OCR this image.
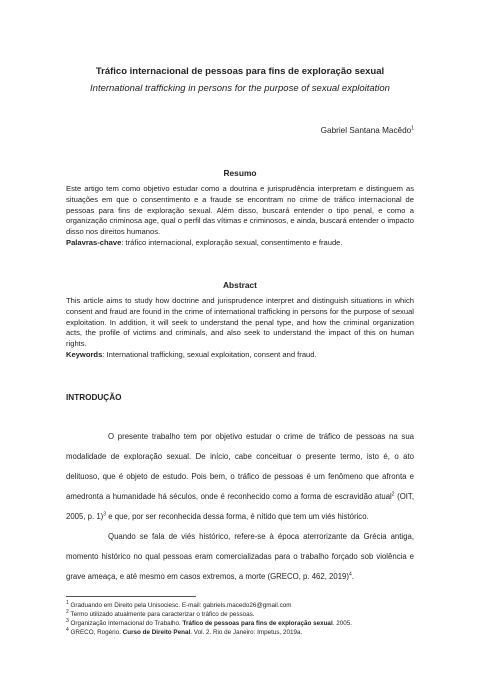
Tráfico internacional de pessoas para fins de exploração sexual
International trafficking in persons for the purpose of sexual exploitation
Gabriel Santana Macêdo$^1$
Resumo
Este artigo tem como objetivo estudar como a doutrina e jurisprudência interpretam e distinguem as situações em que o consentimento e a fraude se encontram no crime de tráfico internacional de pessoas para fins de exploração sexual. Além disso, buscará entender o tipo penal, e como a organização criminosa age, qual o perfil das vítimas e criminosos, e ainda, buscará entender o impacto disso nos direitos humanos.
Palavras-chave: tráfico internacional, exploração sexual, consentimento e fraude.
Abstract
This article aims to study how doctrine and jurisprudence interpret and distinguish situations in which consent and fraud are found in the crime of international trafficking in persons for the purpose of sexual exploitation. In addition, it will seek to understand the penal type, and how the criminal organization acts, the profile of victims and criminals, and also seek to understand the impact of this on human rights.
Keywords: International trafficking, sexual exploitation, consent and fraud.
INTRODUÇÃO

O presente trabalho tem por objetivo estudar o crime de tráfico de pessoas na sua modalidade de exploração sexual. De início, cabe conceituar o presente termo, isto é, o ato delituoso, que é objeto de estudo. Pois bem, o tráfico de pessoas é um fenômeno que afronta e amedronta a humanidade há séculos, onde é reconhecido como a forma de escravidão atual$^2$ (OIT, 2005, p. 1)$^3$ e que, por ser reconhecida dessa forma, é nítido que tem um viés histórico.

Quando se fala de viés histórico, refere-se à época aterrorizante da Grécia antiga, momento histórico no qual pessoas eram comercializadas para o trabalho forçado sob violência e grave ameaça, e até mesmo em casos extremos, a morte (GRECO, p. 462, 2019)$^4$.

$^1$ Graduando em Direito pela Unisociesc. E-mail: gabriels.macedo26@gmail.com
$^2$ Termo utilizado atualmente para caracterizar o tráfico de pessoas.
$^3$ Organização Internacional do Trabalho. Tráfico de pessoas para fins de exploração sexual. 2005.
$^4$ GRECO, Rogério. Curso de Direito Penal. Vol. 2. Rio de Janeiro: Impetus, 2019a.
